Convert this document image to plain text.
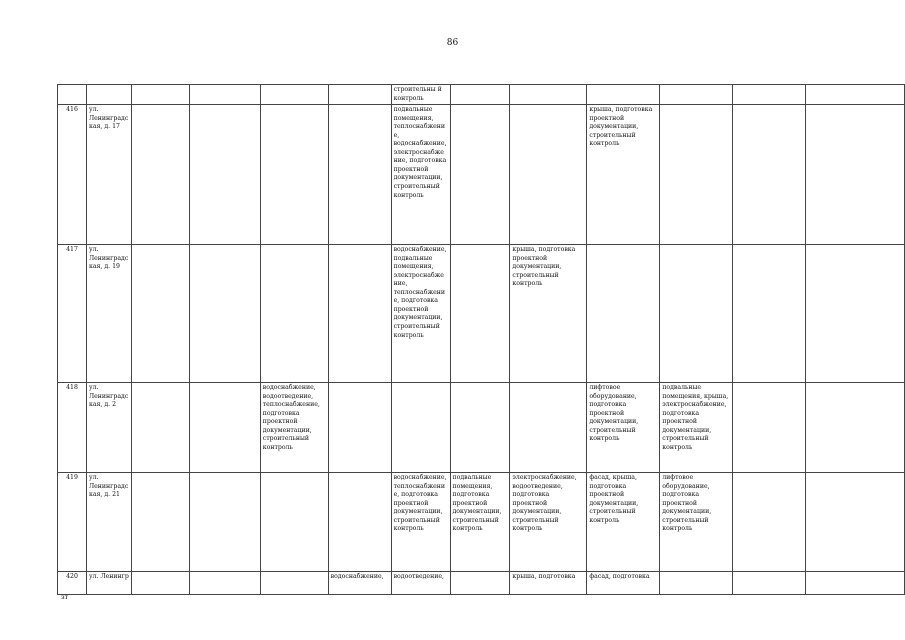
86
						строительны й контроль						
416	ул. Ленинградская, д. 17					подвальные помещения, теплоснабжение, водоснабжение, электроснабжение, подготовка проектной документации, строительный контроль			крыша, подготовка проектной документации, строительный контроль			
417	ул. Ленинградская, д. 19					водоснабжение, подвальные помещения, электроснабжение, теплоснабжение, подготовка проектной документации, строительный контроль		крыша, подготовка проектной документации, строительный контроль				
418	ул. Ленинградская, д. 2			водоснабжение, водоотведение, теплоснабжение, подготовка проектной документации, строительный контроль					лифтовое оборудование, подготовка проектной документации, строительный контроль	подвальные помещения, крыша, электроснабжение, подготовка проектной документации, строительный контроль		
419	ул. Ленинградская, д. 21					водоснабжение, теплоснабжение, подготовка проектной документации, строительный контроль	подвальные помещения, подготовка проектной документации, строительный контроль	электроснабжение, водоотведение, подготовка проектной документации, строительный контроль	фасад, крыша, подготовка проектной документации, строительный контроль	лифтовое оборудование, подготовка проектной документации, строительный контроль		
420	ул. Ленингр				водоснабжение,	водоотведение,		крыша, подготовка	фасад, подготовка			
зт
